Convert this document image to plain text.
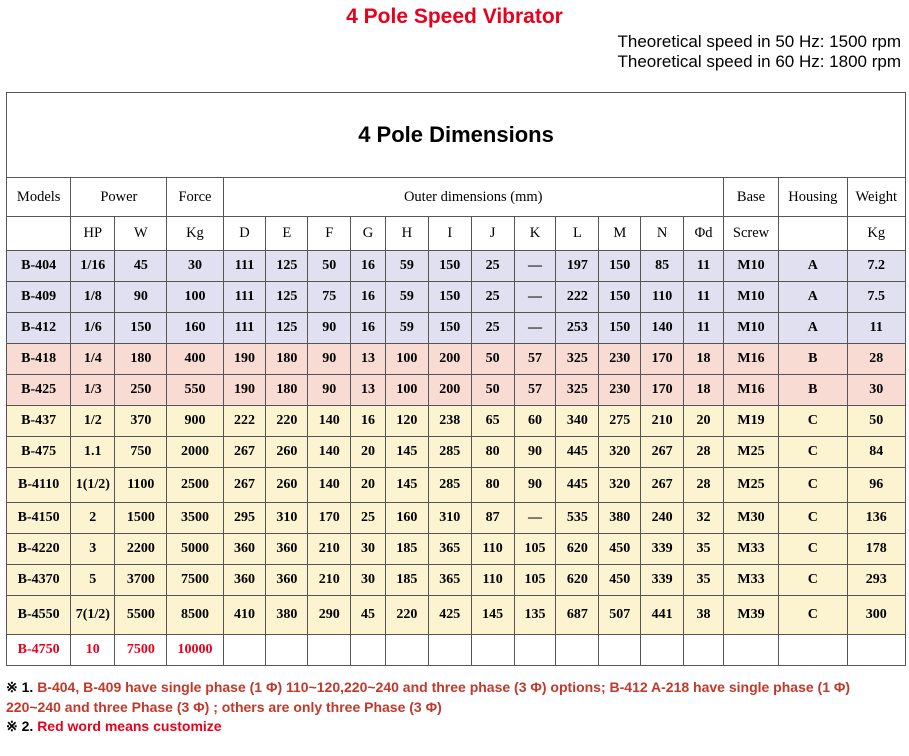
4 Pole Speed Vibrator
Theoretical speed in 50 Hz: 1500 rpm
Theoretical speed in 60 Hz: 1800 rpm
4 Pole Dimensions																		
Models	Power		Force	Outer dimensions (mm)												Base	Housing	Weight
	HP	W	Kg	D	E	F	G	H	I	J	K	L	M	N	Φd	Screw		Kg
B-404	1/16	45	30	111	125	50	16	59	150	25	—	197	150	85	11	M10	A	7.2
B-409	1/8	90	100	111	125	75	16	59	150	25	—	222	150	110	11	M10	A	7.5
B-412	1/6	150	160	111	125	90	16	59	150	25	—	253	150	140	11	M10	A	11
B-418	1/4	180	400	190	180	90	13	100	200	50	57	325	230	170	18	M16	B	28
B-425	1/3	250	550	190	180	90	13	100	200	50	57	325	230	170	18	M16	B	30
B-437	1/2	370	900	222	220	140	16	120	238	65	60	340	275	210	20	M19	C	50
B-475	1.1	750	2000	267	260	140	20	145	285	80	90	445	320	267	28	M25	C	84
B-4110	1(1/2)	1100	2500	267	260	140	20	145	285	80	90	445	320	267	28	M25	C	96
B-4150	2	1500	3500	295	310	170	25	160	310	87	—	535	380	240	32	M30	C	136
B-4220	3	2200	5000	360	360	210	30	185	365	110	105	620	450	339	35	M33	C	178
B-4370	5	3700	7500	360	360	210	30	185	365	110	105	620	450	339	35	M33	C	293
B-4550	7(1/2)	5500	8500	410	380	290	45	220	425	145	135	687	507	441	38	M39	C	300
B-4750	10	7500	10000															
※ 1. B-404, B-409 have single phase (1 Φ) 110~120,220~240 and three phase (3 Φ) options; B-412 A-218 have single phase (1 Φ) 220~240 and three Phase (3 Φ) ; others are only three Phase (3 Φ)
※ 2. Red word means customize
